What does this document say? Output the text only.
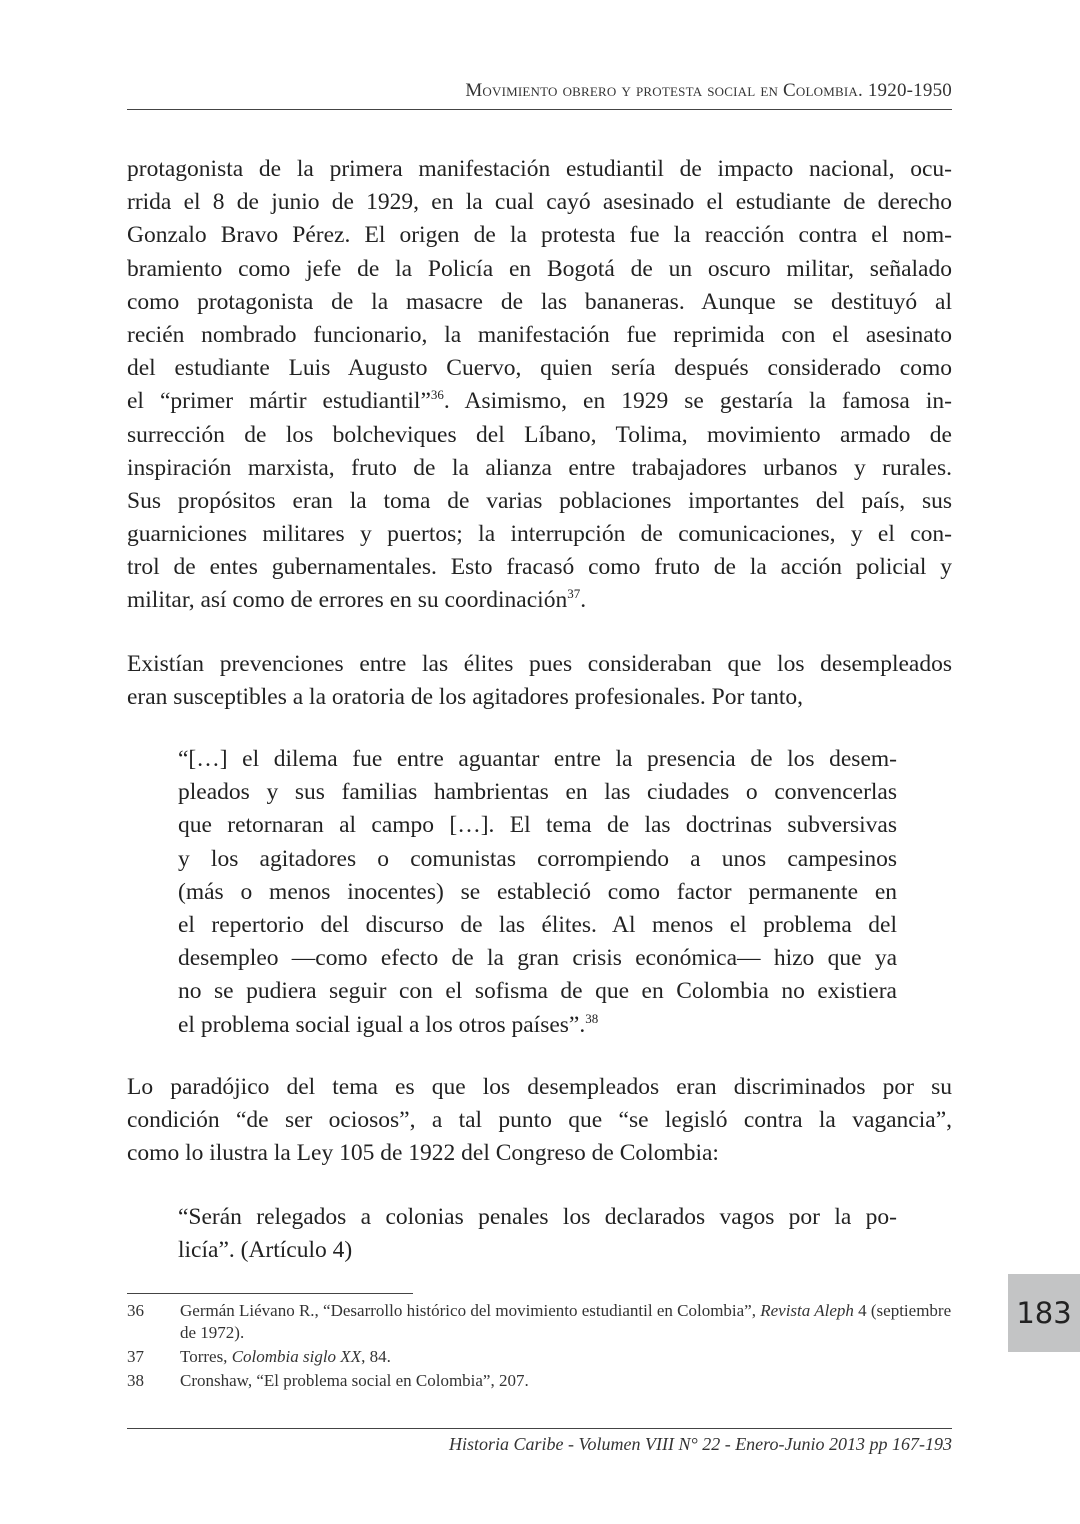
Movimiento obrero y protesta social en Colombia. 1920-1950
protagonista de la primera manifestación estudiantil de impacto nacional, ocu-
rrida el 8 de junio de 1929, en la cual cayó asesinado el estudiante de derecho
Gonzalo Bravo Pérez. El origen de la protesta fue la reacción contra el nom-
bramiento como jefe de la Policía en Bogotá de un oscuro militar, señalado
como protagonista de la masacre de las bananeras. Aunque se destituyó al
recién nombrado funcionario, la manifestación fue reprimida con el asesinato
del estudiante Luis Augusto Cuervo, quien sería después considerado como
el “primer mártir estudiantil”$^{36}$. Asimismo, en 1929 se gestaría la famosa in-
surrección de los bolcheviques del Líbano, Tolima, movimiento armado de
inspiración marxista, fruto de la alianza entre trabajadores urbanos y rurales.
Sus propósitos eran la toma de varias poblaciones importantes del país, sus
guarniciones militares y puertos; la interrupción de comunicaciones, y el con-
trol de entes gubernamentales. Esto fracasó como fruto de la acción policial y
militar, así como de errores en su coordinación$^{37}$.
Existían prevenciones entre las élites pues consideraban que los desempleados
eran susceptibles a la oratoria de los agitadores profesionales. Por tanto,
“[…] el dilema fue entre aguantar entre la presencia de los desem-
pleados y sus familias hambrientas en las ciudades o convencerlas
que retornaran al campo […]. El tema de las doctrinas subversivas
y los agitadores o comunistas corrompiendo a unos campesinos
(más o menos inocentes) se estableció como factor permanente en
el repertorio del discurso de las élites. Al menos el problema del
desempleo —como efecto de la gran crisis económica— hizo que ya
no se pudiera seguir con el sofisma de que en Colombia no existiera
el problema social igual a los otros países”.$^{38}$
Lo paradójico del tema es que los desempleados eran discriminados por su
condición “de ser ociosos”, a tal punto que “se legisló contra la vagancia”,
como lo ilustra la Ley 105 de 1922 del Congreso de Colombia:
“Serán relegados a colonias penales los declarados vagos por la po-
licía”. (Artículo 4)
36	Germán Liévano R., “Desarrollo histórico del movimiento estudiantil en Colombia”, Revista Aleph 4 (septiembre de 1972).
37	Torres, Colombia siglo XX, 84.
38	Cronshaw, “El problema social en Colombia”, 207.
Historia Caribe - Volumen VIII N° 22 - Enero-Junio 2013 pp 167-193
183
